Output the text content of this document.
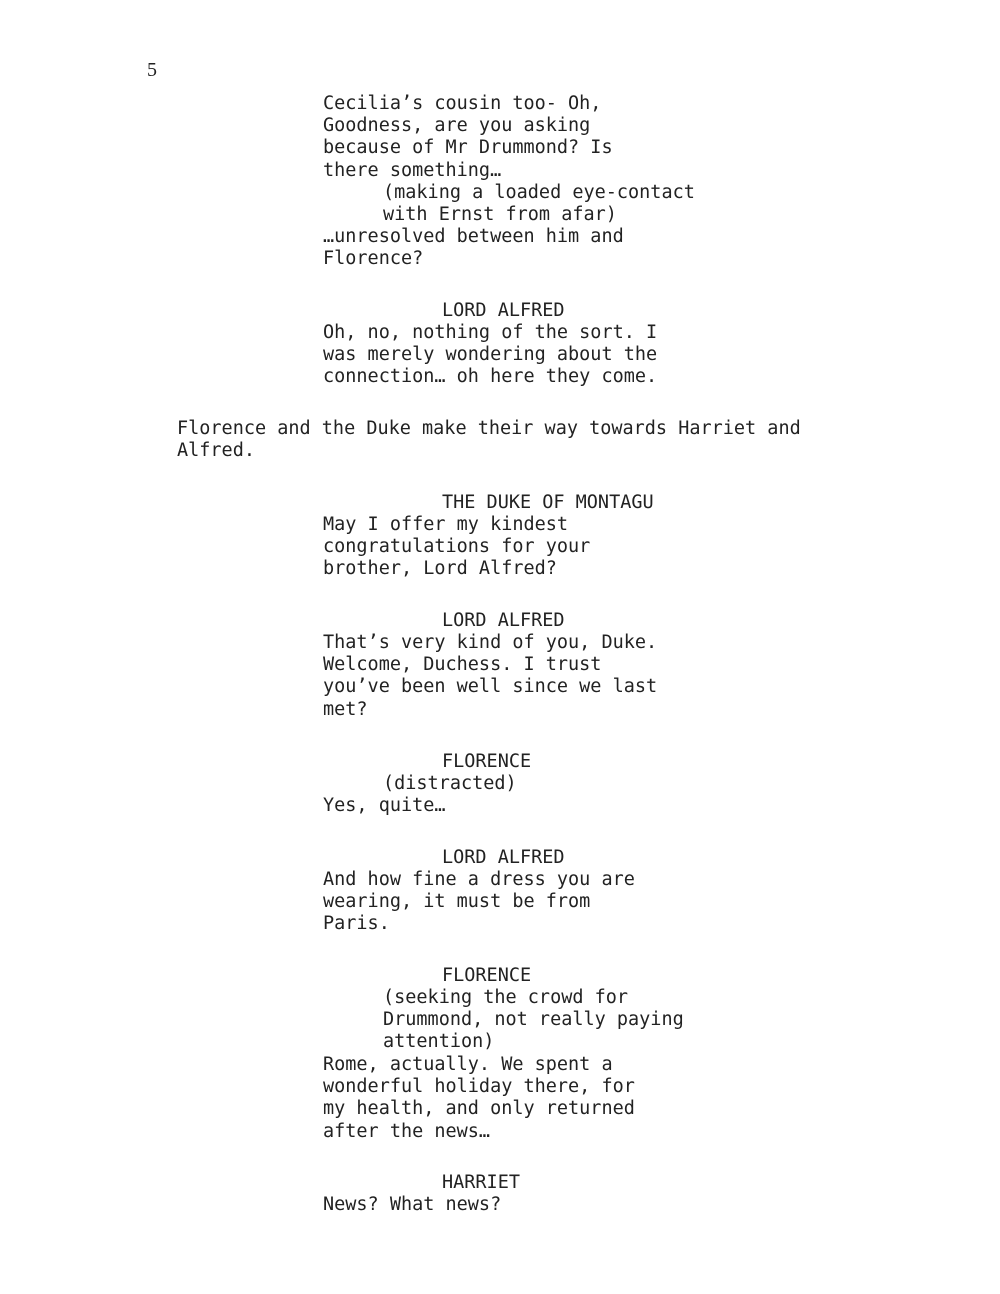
5
Cecilia’s cousin too- Oh,
Goodness, are you asking
because of Mr Drummond? Is
there something…
(making a loaded eye-contact
with Ernst from afar)
…unresolved between him and
Florence?
LORD ALFRED
Oh, no, nothing of the sort. I
was merely wondering about the
connection… oh here they come.
Florence and the Duke make their way towards Harriet and
Alfred.
THE DUKE OF MONTAGU
May I offer my kindest
congratulations for your
brother, Lord Alfred?
LORD ALFRED
That’s very kind of you, Duke.
Welcome, Duchess. I trust
you’ve been well since we last
met?
FLORENCE
(distracted)
Yes, quite…
LORD ALFRED
And how fine a dress you are
wearing, it must be from
Paris.
FLORENCE
(seeking the crowd for
Drummond, not really paying
attention)
Rome, actually. We spent a
wonderful holiday there, for
my health, and only returned
after the news…
HARRIET
News? What news?
